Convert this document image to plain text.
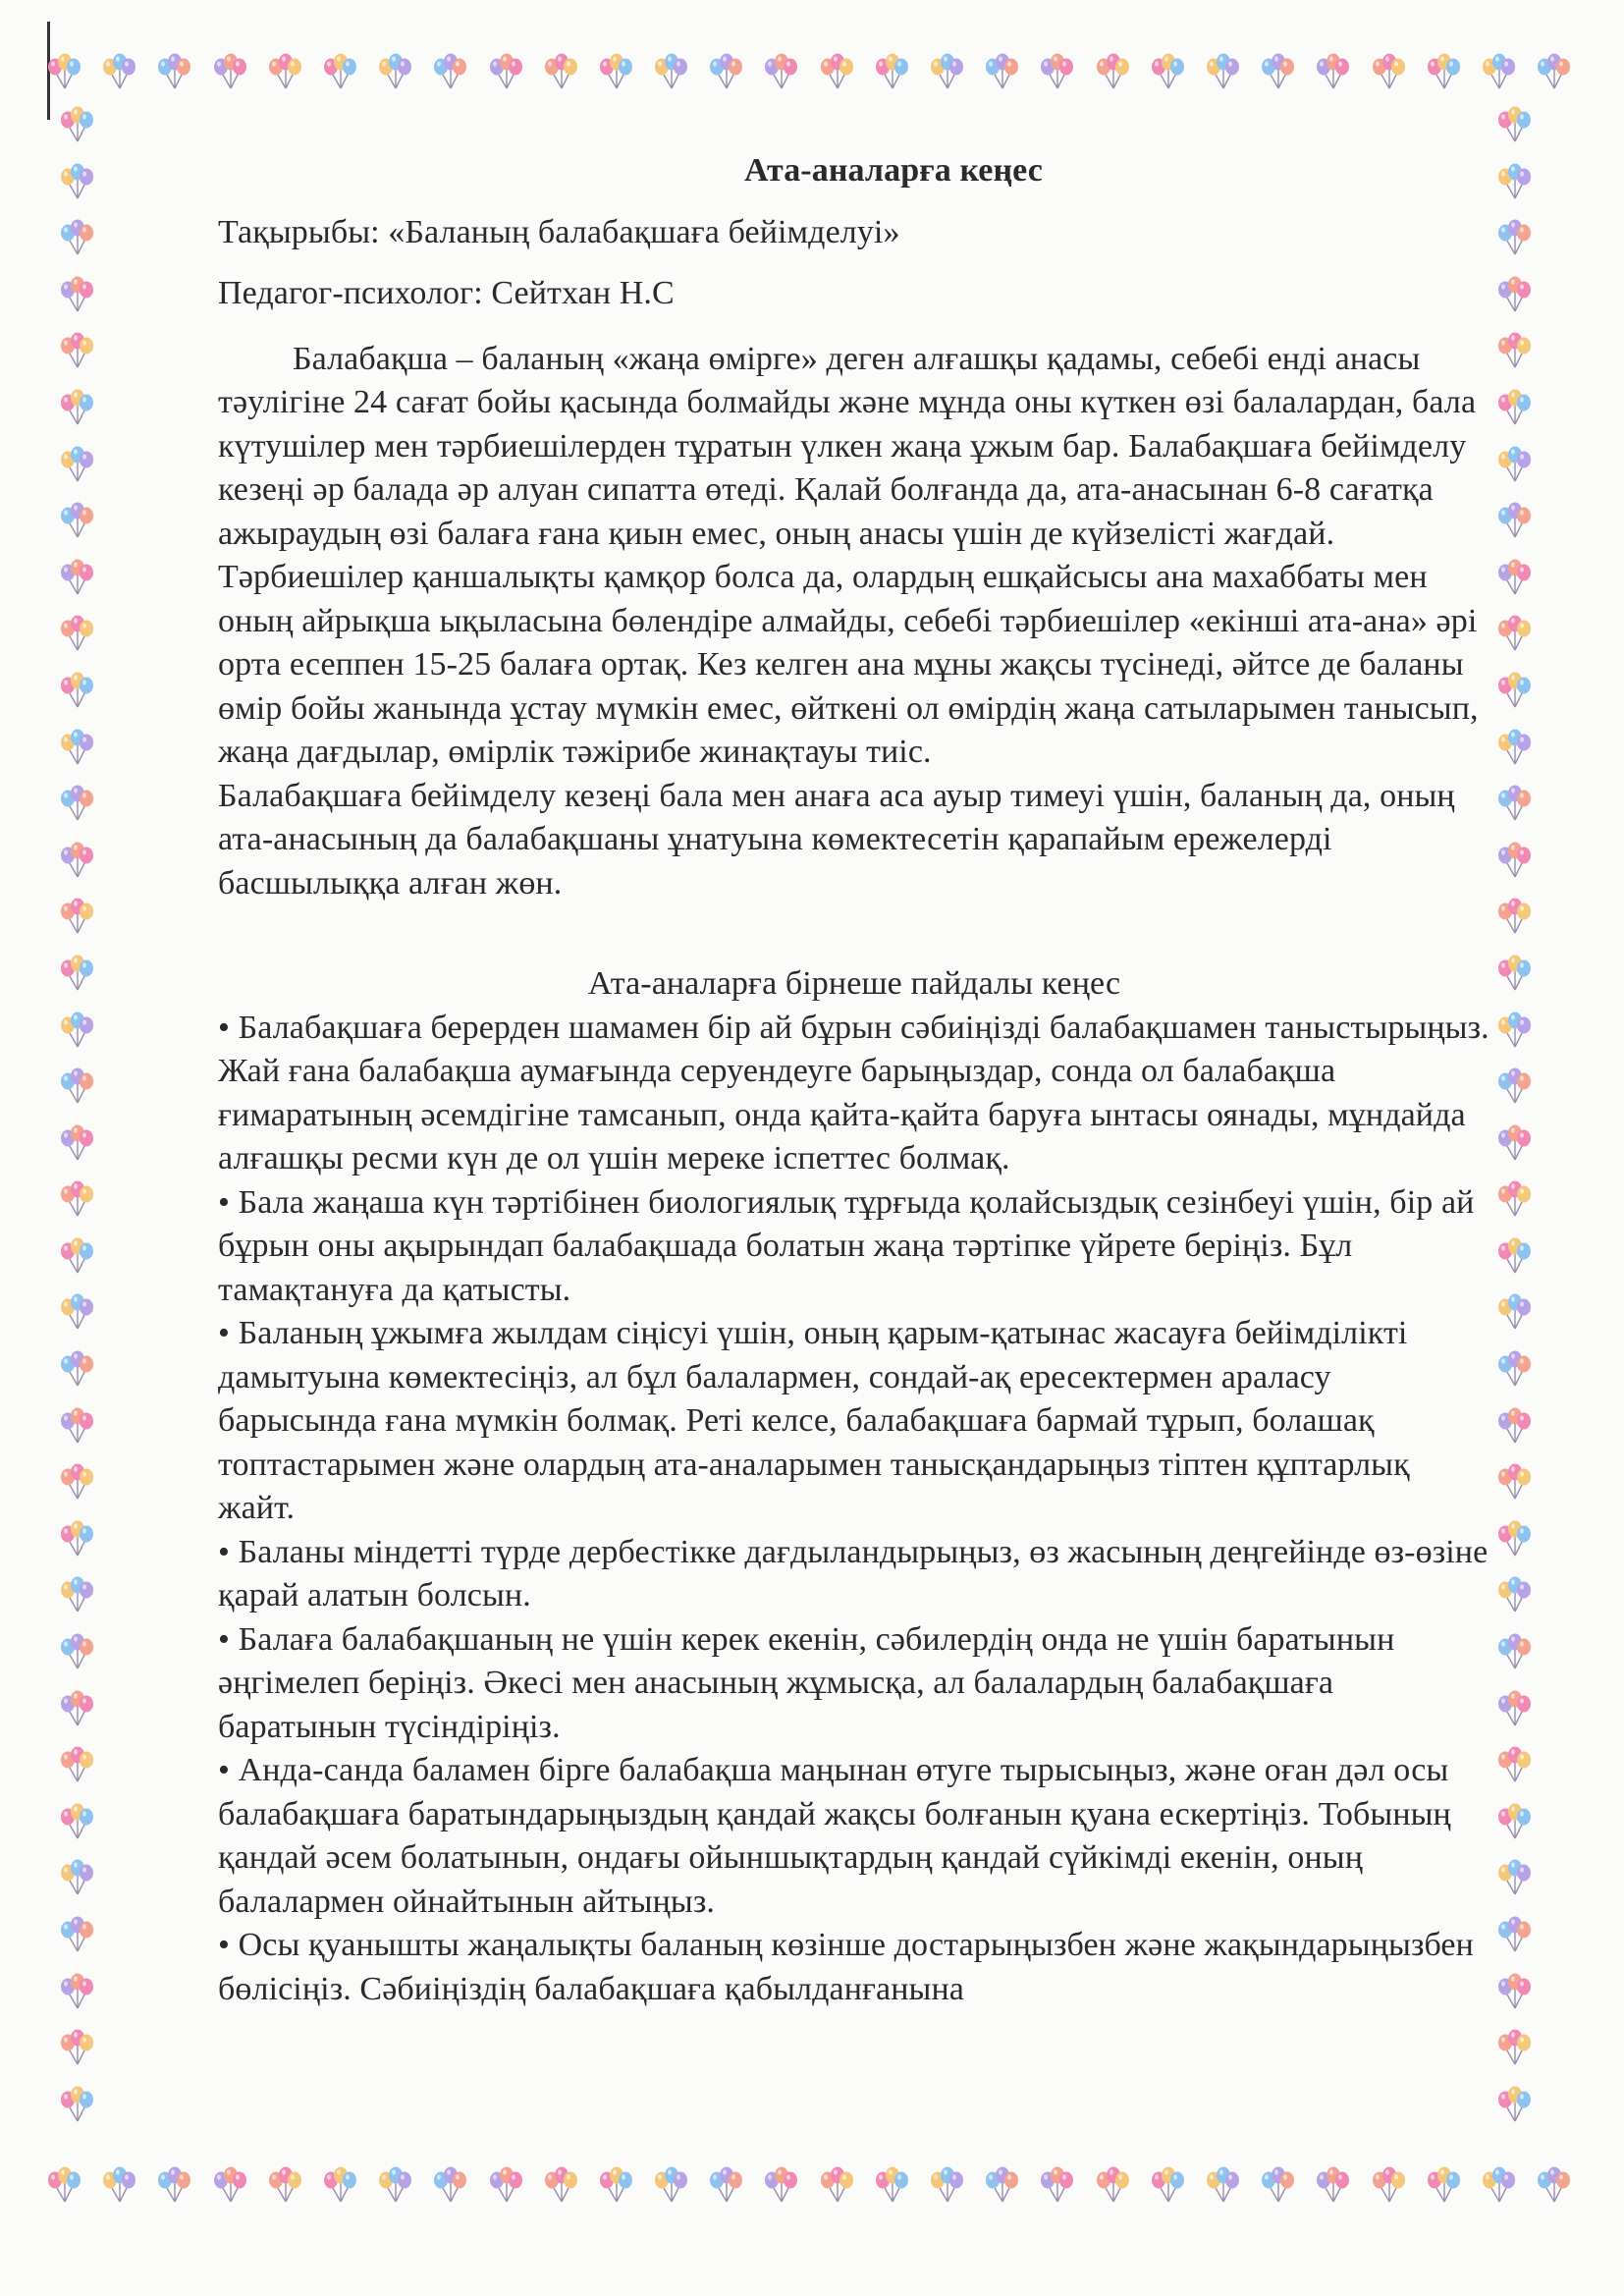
Ата-аналарға кеңес

Тақырыбы: «Баланың балабақшаға бейімделуі»

Педагог-психолог: Сейтхан Н.С

Балабақша – баланың «жаңа өмірге» деген алғашқы қадамы, себебі енді анасы тәулігіне 24 сағат бойы қасында болмайды және мұнда оны күткен өзі балалардан, бала күтушілер мен тәрбиешілерден тұратын үлкен жаңа ұжым бар. Балабақшаға бейімделу кезеңі әр балада әр алуан сипатта өтеді. Қалай болғанда да, ата-анасынан 6-8 сағатқа ажыраудың өзі балаға ғана қиын емес, оның анасы үшін де күйзелісті жағдай. Тәрбиешілер қаншалықты қамқор болса да, олардың ешқайсысы ана махаббаты мен оның айрықша ықыласына бөлендіре алмайды, себебі тәрбиешілер «екінші ата-ана» әрі орта есеппен 15-25 балаға ортақ. Кез келген ана мұны жақсы түсінеді, әйтсе де баланы өмір бойы жанында ұстау мүмкін емес, өйткені ол өмірдің жаңа сатыларымен танысып, жаңа дағдылар, өмірлік тәжірибе жинақтауы тиіс.

Балабақшаға бейімделу кезеңі бала мен анаға аса ауыр тимеуі үшін, баланың да, оның ата-анасының да балабақшаны ұнатуына көмектесетін қарапайым ережелерді басшылыққа алған жөн.

Ата-аналарға бірнеше пайдалы кеңес

• Балабақшаға берерден шамамен бір ай бұрын сәбиіңізді балабақшамен таныстырыңыз. Жай ғана балабақша аумағында серуендеуге барыңыздар, сонда ол балабақша ғимаратының әсемдігіне тамсанып, онда қайта-қайта баруға ынтасы оянады, мұндайда алғашқы ресми күн де ол үшін мереке іспеттес болмақ.

• Бала жаңаша күн тәртібінен биологиялық тұрғыда қолайсыздық сезінбеуі үшін, бір ай бұрын оны ақырындап балабақшада болатын жаңа тәртіпке үйрете беріңіз. Бұл тамақтануға да қатысты.

• Баланың ұжымға жылдам сіңісуі үшін, оның қарым-қатынас жасауға бейімділікті дамытуына көмектесіңіз, ал бұл балалармен, сондай-ақ ересектермен араласу барысында ғана мүмкін болмақ. Реті келсе, балабақшаға бармай тұрып, болашақ топтастарымен және олардың ата-аналарымен танысқандарыңыз тіптен құптарлық жайт.

• Баланы міндетті түрде дербестікке дағдыландырыңыз, өз жасының деңгейінде өз-өзіне қарай алатын болсын.

• Балаға балабақшаның не үшін керек екенін, сәбилердің онда не үшін баратынын әңгімелеп беріңіз. Әкесі мен анасының жұмысқа, ал балалардың балабақшаға баратынын түсіндіріңіз.

• Анда-санда баламен бірге балабақша маңынан өтуге тырысыңыз, және оған дәл осы балабақшаға баратындарыңыздың қандай жақсы болғанын қуана ескертіңіз. Тобының қандай әсем болатынын, ондағы ойыншықтардың қандай сүйкімді екенін, оның балалармен ойнайтынын айтыңыз.

• Осы қуанышты жаңалықты баланың көзінше достарыңызбен және жақындарыңызбен бөлісіңіз. Сәбиіңіздің балабақшаға қабылданғанына
